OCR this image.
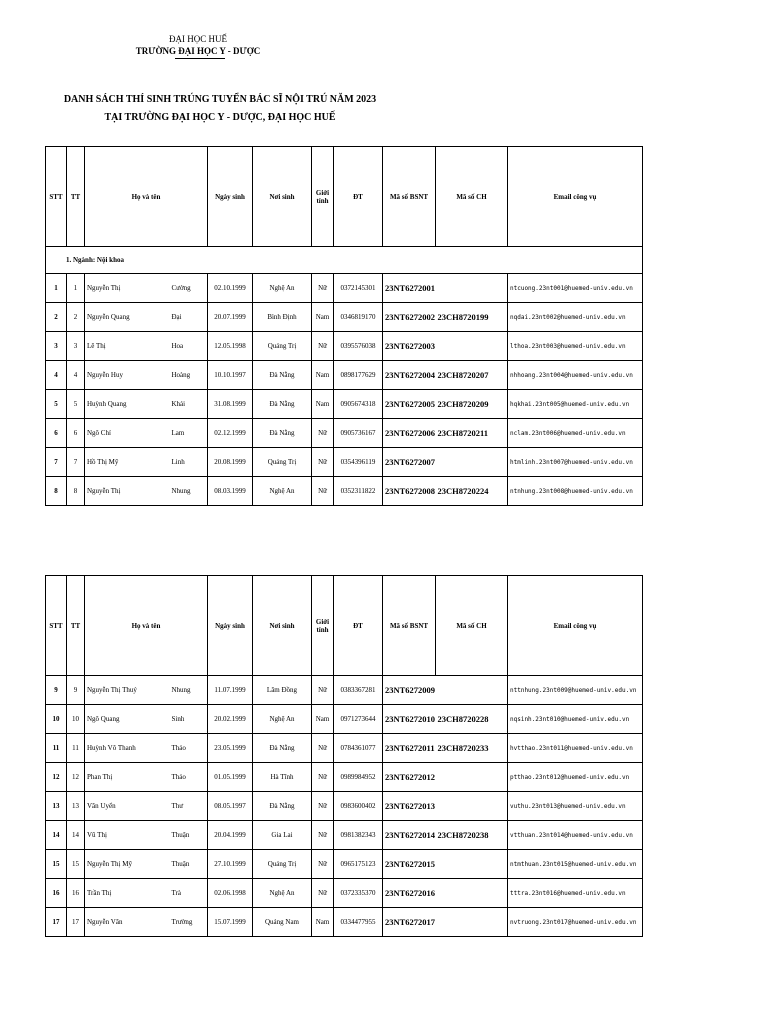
ĐẠI HỌC HUẾ
TRƯỜNG ĐẠI HỌC Y - DƯỢC
DANH SÁCH THÍ SINH TRÚNG TUYỂN BÁC SĨ NỘI TRÚ NĂM 2023
TẠI TRƯỜNG ĐẠI HỌC Y - DƯỢC, ĐẠI HỌC HUẾ
STT	TT	Họ và tên		Ngày sinh	Nơi sinh	Giới tính	ĐT	Mã số BSNT	Mã số CH	Email công vụ
1. Ngành: Nội khoa										
1	1	Nguyễn Thị	Cường	02.10.1999	Nghệ An	Nữ	0372145301	23NT6272001		ntcuong.23nt001@huemed-univ.edu.vn
2	2	Nguyễn Quang	Đại	20.07.1999	Bình Định	Nam	0346819170	23NT6272002	23CH8720199	nqdai.23nt002@huemed-univ.edu.vn
3	3	Lê Thị	Hoa	12.05.1998	Quảng Trị	Nữ	0395576038	23NT6272003		lthoa.23nt003@huemed-univ.edu.vn
4	4	Nguyễn Huy	Hoàng	10.10.1997	Đà Nẵng	Nam	0898177629	23NT6272004	23CH8720207	nhhoang.23nt004@huemed-univ.edu.vn
5	5	Huỳnh Quang	Khải	31.08.1999	Đà Nẵng	Nam	0905674318	23NT6272005	23CH8720209	hqkhai.23nt005@huemed-univ.edu.vn
6	6	Ngô Chí	Lam	02.12.1999	Đà Nẵng	Nữ	0905736167	23NT6272006	23CH8720211	nclam.23nt006@huemed-univ.edu.vn
7	7	Hồ Thị Mỹ	Linh	20.08.1999	Quảng Trị	Nữ	0354396119	23NT6272007		htmlinh.23nt007@huemed-univ.edu.vn
8	8	Nguyễn Thị	Nhung	08.03.1999	Nghệ An	Nữ	0352311822	23NT6272008	23CH8720224	ntnhung.23nt008@huemed-univ.edu.vn
STT	TT	Họ và tên		Ngày sinh	Nơi sinh	Giới tính	ĐT	Mã số BSNT	Mã số CH	Email công vụ
9	9	Nguyễn Thị Thuý	Nhung	11.07.1999	Lâm Đồng	Nữ	0383367281	23NT6272009		nttnhung.23nt009@huemed-univ.edu.vn
10	10	Ngô Quang	Sinh	20.02.1999	Nghệ An	Nam	0971273644	23NT6272010	23CH8720228	nqsinh.23nt010@huemed-univ.edu.vn
11	11	Huỳnh Võ Thanh	Thảo	23.05.1999	Đà Nẵng	Nữ	0784361077	23NT6272011	23CH8720233	hvtthao.23nt011@huemed-univ.edu.vn
12	12	Phan Thị	Thảo	01.05.1999	Hà Tĩnh	Nữ	0989984952	23NT6272012		ptthao.23nt012@huemed-univ.edu.vn
13	13	Văn Uyển	Thư	08.05.1997	Đà Nẵng	Nữ	0983600402	23NT6272013		vuthu.23nt013@huemed-univ.edu.vn
14	14	Vũ Thị	Thuận	20.04.1999	Gia Lai	Nữ	0981382343	23NT6272014	23CH8720238	vtthuan.23nt014@huemed-univ.edu.vn
15	15	Nguyễn Thị Mỹ	Thuận	27.10.1999	Quảng Trị	Nữ	0965175123	23NT6272015		ntmthuan.23nt015@huemed-univ.edu.vn
16	16	Trần Thị	Trà	02.06.1998	Nghệ An	Nữ	0372335370	23NT6272016		tttra.23nt016@huemed-univ.edu.vn
17	17	Nguyễn Văn	Trường	15.07.1999	Quảng Nam	Nam	0334477955	23NT6272017		nvtruong.23nt017@huemed-univ.edu.vn
